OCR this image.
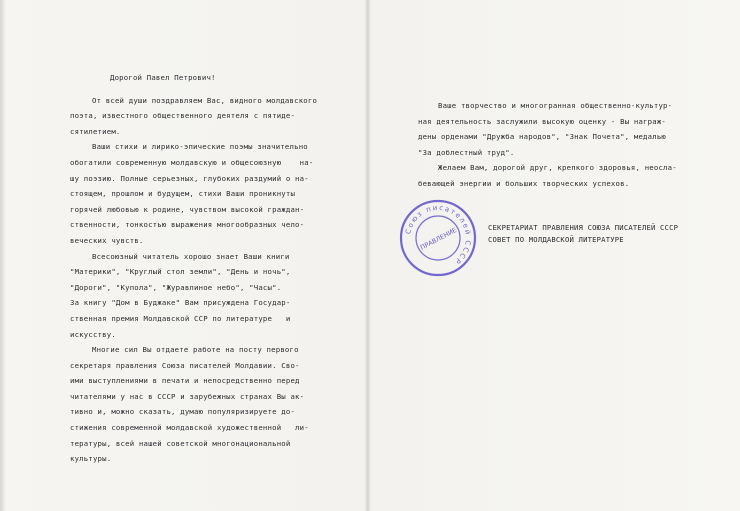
Дорогой Павел Петрович!

От всей души поздравляем Вас, видного молдавского

поэта, известного общественного деятеля с пятиде-

сятилетием.

Ваши стихи и лирико-эпические поэмы значительно

обогатили современную молдавскую и общесоюзную    на-

шу поэзию. Полные серьезных, глубоких раздумий о на-

стоящем, прошлом и будущем, стихи Ваши проникнуты

горячей любовью к родине, чувством высокой граждан-

ственности, тонкостью выражения многообразных чело-

веческих чувств.

Всесоюзный читатель хорошо знает Ваши книги

"Материки", "Круглый стол земли", "День и ночь",

"Дороги", "Купола", "Журавлиное небо", "Часы".

За книгу "Дом в Буджаке" Вам присуждена Государ-

ственная премия Молдавской ССР по литературе   и

искусству.

Многие сил Вы отдаете работе на посту первого

секретаря правления Союза писателей Молдавии. Сво-

ими выступлениями в печати и непосредственно перед

читателями у нас в СССР и зарубежных странах Вы ак-

тивно и, можно сказать, думаю популяризируете до-

стижения современной молдавской художественной   ли-

тературы, всей нашей советской многонациональной

культуры.

Ваше творчество и многогранная общественно-культур-

ная деятельность заслужили высокую оценку - Вы награж-

дены орденами "Дружба народов", "Знак Почета", медалью

"За доблестный труд".

Желаем Вам, дорогой друг, крепкого здоровья, неосла-

бевающей энергии и больших творческих успехов.

Союз писателей СССР
ПРАВЛЕНИЕ	СЕКРЕТАРИАТ ПРАВЛЕНИЯ СОЮЗА ПИСАТЕЛЕЙ СССР
СОВЕТ ПО МОЛДАВСКОЙ ЛИТЕРАТУРЕ
